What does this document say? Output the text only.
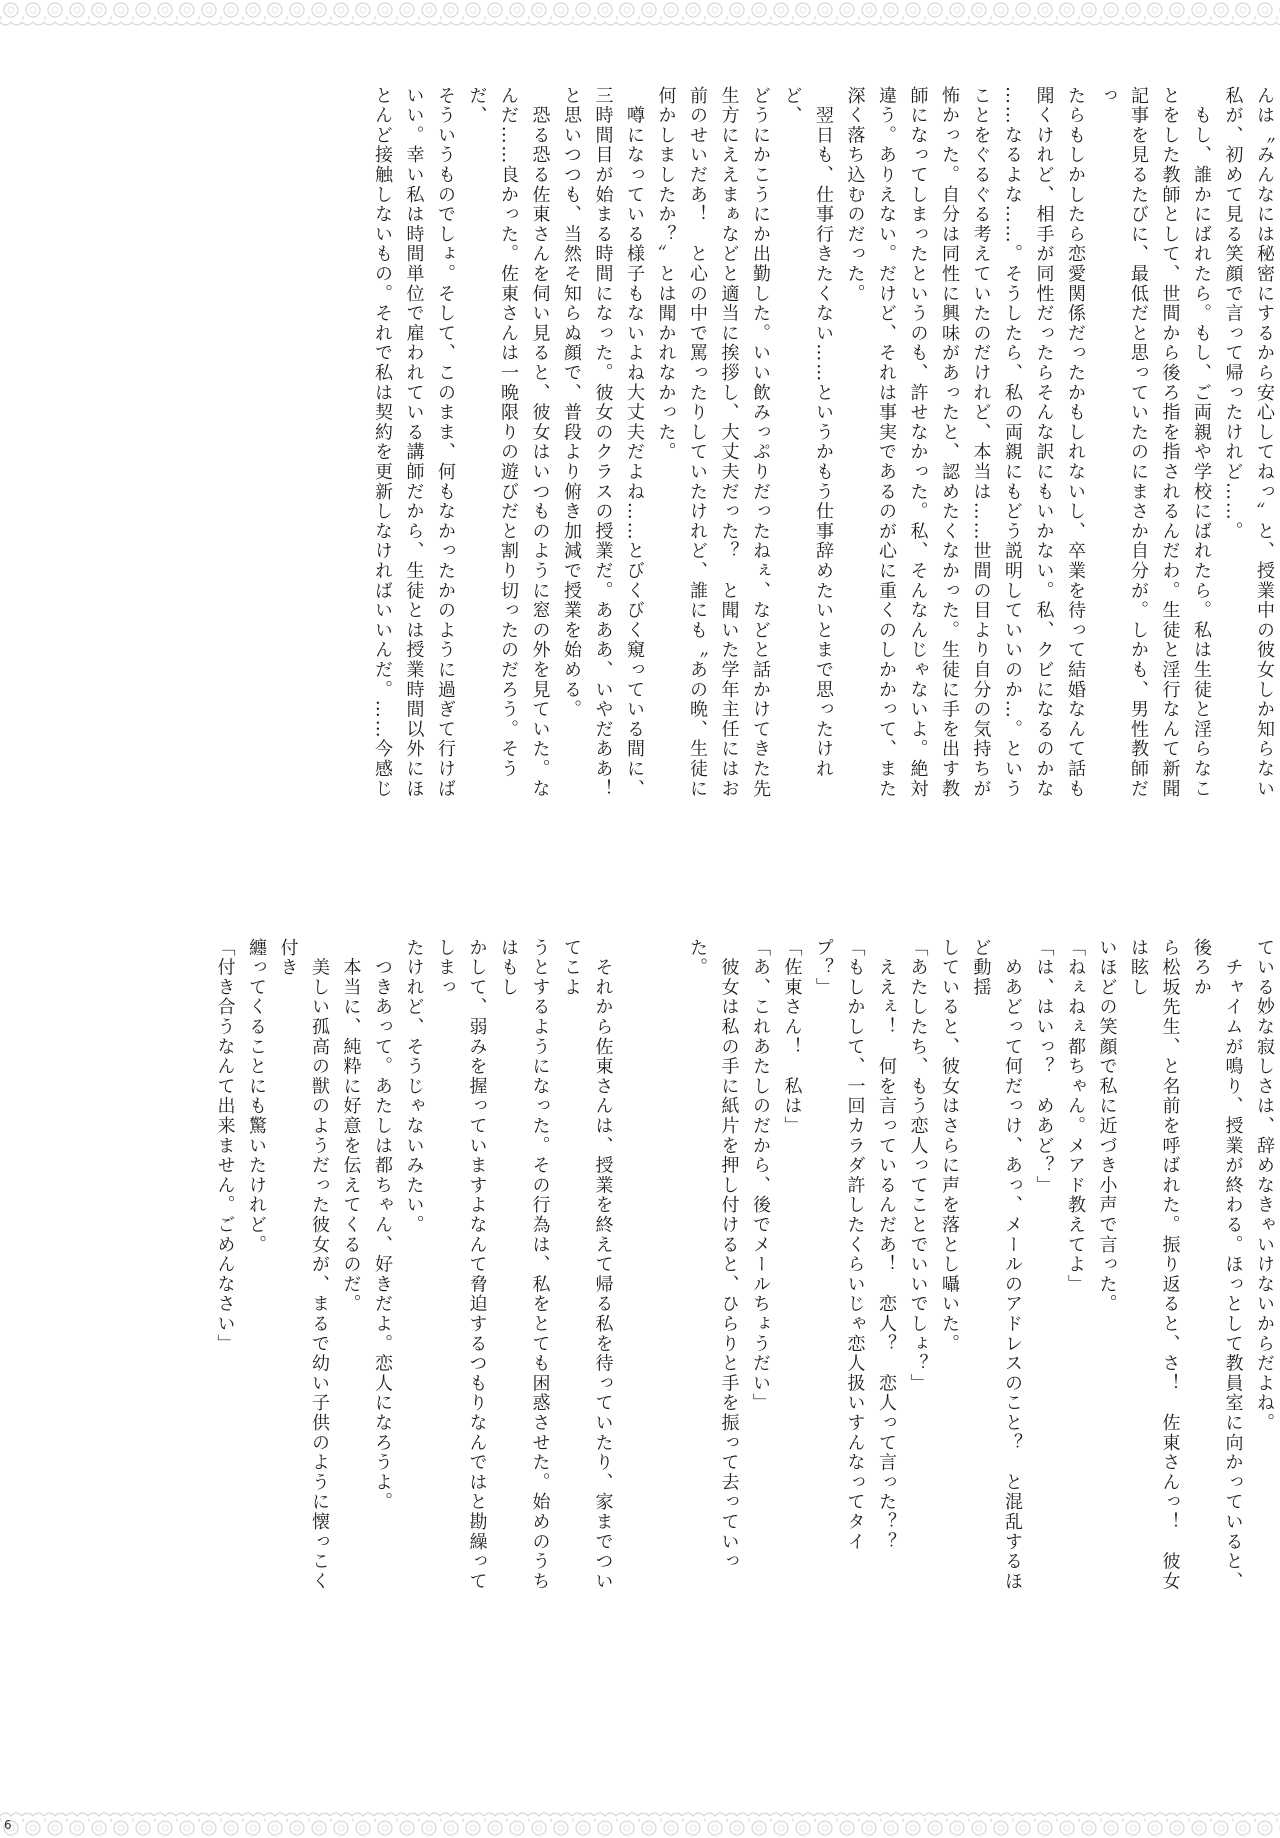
んは〝みんなには秘密にするから安心してねっ〟と、授業中の彼女しか知らない
私が、初めて見る笑顔で言って帰ったけれど……。
　もし、誰かにばれたら。もし、ご両親や学校にばれたら。私は生徒と淫らなこ
とをした教師として、世間から後ろ指を指されるんだわ。生徒と淫行なんて新聞
記事を見るたびに、最低だと思っていたのにまさか自分が。しかも、男性教師だっ
たらもしかしたら恋愛関係だったかもしれないし、卒業を待って結婚なんて話も
聞くけれど、相手が同性だったらそんな訳にもいかない。私、クビになるのかな
……なるよな……。そうしたら、私の両親にもどう説明していいのか…。という
ことをぐるぐる考えていたのだけれど、本当は……世間の目より自分の気持ちが
怖かった。自分は同性に興味があったと、認めたくなかった。生徒に手を出す教
師になってしまったというのも、許せなかった。私、そんなんじゃないよ。絶対
違う。ありえない。だけど、それは事実であるのが心に重くのしかかって、また
深く落ち込むのだった。
　翌日も、仕事行きたくない……というかもう仕事辞めたいとまで思ったけれど、
どうにかこうにか出勤した。いい飲みっぷりだったねぇ、などと話かけてきた先
生方にええまぁなどと適当に挨拶し、大丈夫だった？　と聞いた学年主任にはお
前のせいだあ！　と心の中で罵ったりしていたけれど、誰にも〝あの晩、生徒に
何かしましたか？〟とは聞かれなかった。
　噂になっている様子もないよね大丈夫だよね……とびくびく窺っている間に、
三時間目が始まる時間になった。彼女のクラスの授業だ。あああ、いやだああ！
と思いつつも、当然そ知らぬ顔で、普段より俯き加減で授業を始める。
　恐る恐る佐東さんを伺い見ると、彼女はいつものように窓の外を見ていた。な
んだ……良かった。佐東さんは一晩限りの遊びだと割り切ったのだろう。そうだ、
そういうものでしょ。そして、このまま、何もなかったかのように過ぎて行けば
いい。幸い私は時間単位で雇われている講師だから、生徒とは授業時間以外にほ
とんど接触しないもの。それで私は契約を更新しなければいいんだ。……今感じ
ている妙な寂しさは、辞めなきゃいけないからだよね。
　チャイムが鳴り、授業が終わる。ほっとして教員室に向かっていると、後ろか
ら松坂先生、と名前を呼ばれた。振り返ると、さ！　佐東さんっ！　彼女は眩し
いほどの笑顔で私に近づき小声で言った。
「ねぇねぇ都ちゃん。メアド教えてよ」
「は、はいっ？　めあど？」
　めあどって何だっけ、あっ、メールのアドレスのこと？　と混乱するほど動揺
していると、彼女はさらに声を落とし囁いた。
「あたしたち、もう恋人ってことでいいでしょ？」
　ええぇ！　何を言っているんだあ！　恋人？　恋人って言った？？
「もしかして、一回カラダ許したくらいじゃ恋人扱いすんなってタイプ？」
「佐東さん！　私は」
「あ、これあたしのだから、後でメールちょうだい」
　彼女は私の手に紙片を押し付けると、ひらりと手を振って去っていった。

　それから佐東さんは、授業を終えて帰る私を待っていたり、家までついてこよ
うとするようになった。その行為は、私をとても困惑させた。始めのうちはもし
かして、弱みを握っていますよなんて脅迫するつもりなんではと勘繰ってしまっ
たけれど、そうじゃないみたい。
　つきあって。あたしは都ちゃん、好きだよ。恋人になろうよ。
　本当に、純粋に好意を伝えてくるのだ。
　美しい孤高の獣のようだった彼女が、まるで幼い子供のように懐っこく付き
纏ってくることにも驚いたけれど。
「付き合うなんて出来ません。ごめんなさい」
6
